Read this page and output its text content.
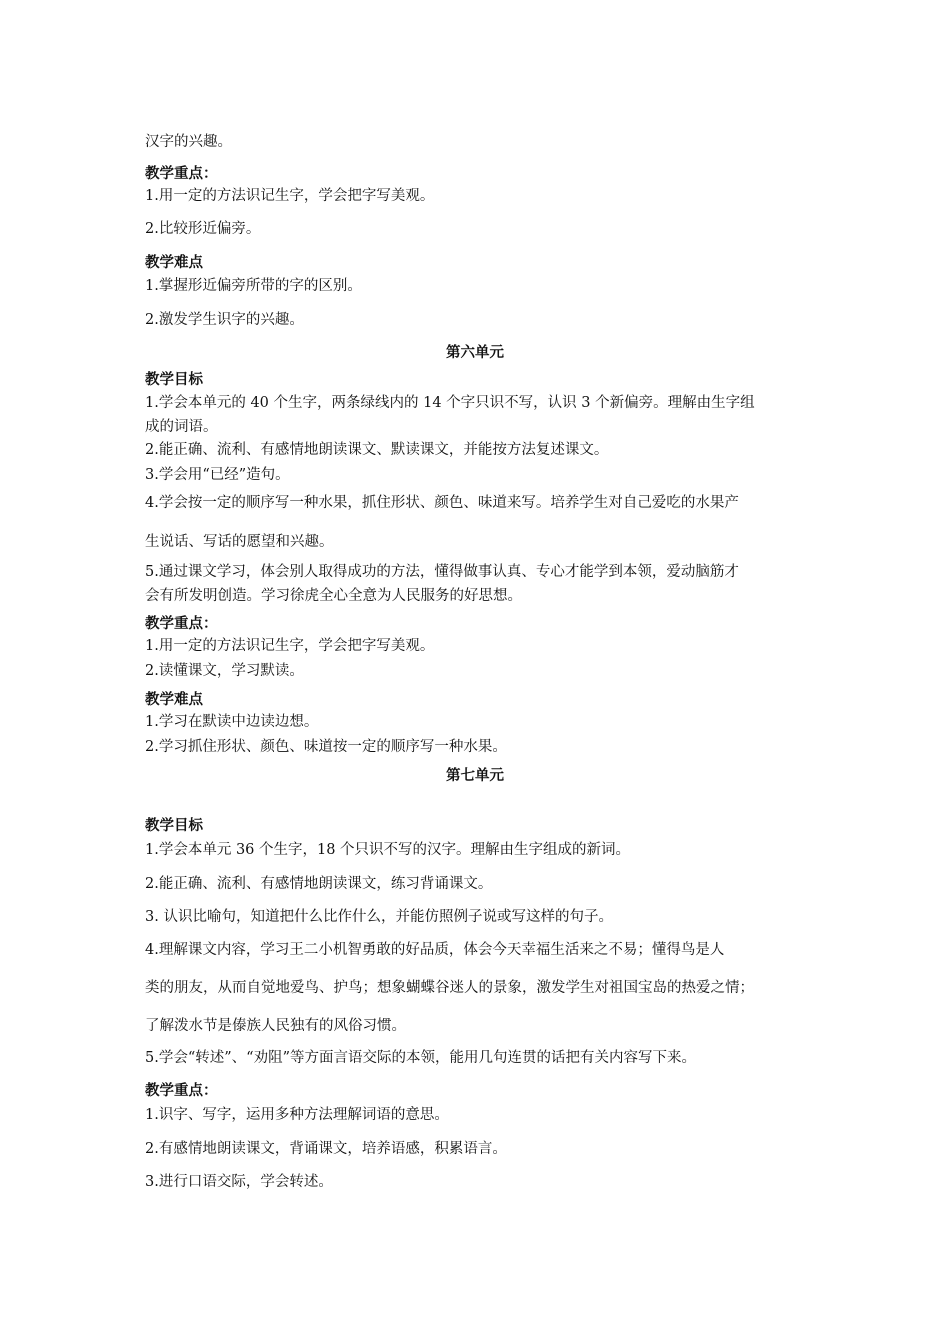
汉字的兴趣。
教学重点：
1.用一定的方法识记生字，学会把字写美观。
2.比较形近偏旁。
教学难点
1.掌握形近偏旁所带的字的区别。
2.激发学生识字的兴趣。
第六单元
教学目标
1.学会本单元的 40 个生字，两条绿线内的 14 个字只识不写，认识 3 个新偏旁。理解由生字组
成的词语。
2.能正确、流利、有感情地朗读课文、默读课文，并能按方法复述课文。
3.学会用“已经”造句。
4.学会按一定的顺序写一种水果，抓住形状、颜色、味道来写。培养学生对自己爱吃的水果产
生说话、写话的愿望和兴趣。
5.通过课文学习，体会别人取得成功的方法，懂得做事认真、专心才能学到本领，爱动脑筋才
会有所发明创造。学习徐虎全心全意为人民服务的好思想。
教学重点：
1.用一定的方法识记生字，学会把字写美观。
2.读懂课文，学习默读。
教学难点
1.学习在默读中边读边想。
2.学习抓住形状、颜色、味道按一定的顺序写一种水果。
第七单元
教学目标
1.学会本单元 36 个生字，18 个只识不写的汉字。理解由生字组成的新词。
2.能正确、流利、有感情地朗读课文，练习背诵课文。
3. 认识比喻句，知道把什么比作什么，并能仿照例子说或写这样的句子。
4.理解课文内容，学习王二小机智勇敢的好品质，体会今天幸福生活来之不易；懂得鸟是人
类的朋友，从而自觉地爱鸟、护鸟；想象蝴蝶谷迷人的景象，激发学生对祖国宝岛的热爱之情；
了解泼水节是傣族人民独有的风俗习惯。
5.学会“转述”、“劝阻”等方面言语交际的本领，能用几句连贯的话把有关内容写下来。
教学重点：
1.识字、写字，运用多种方法理解词语的意思。
2.有感情地朗读课文，背诵课文，培养语感，积累语言。
3.进行口语交际，学会转述。
